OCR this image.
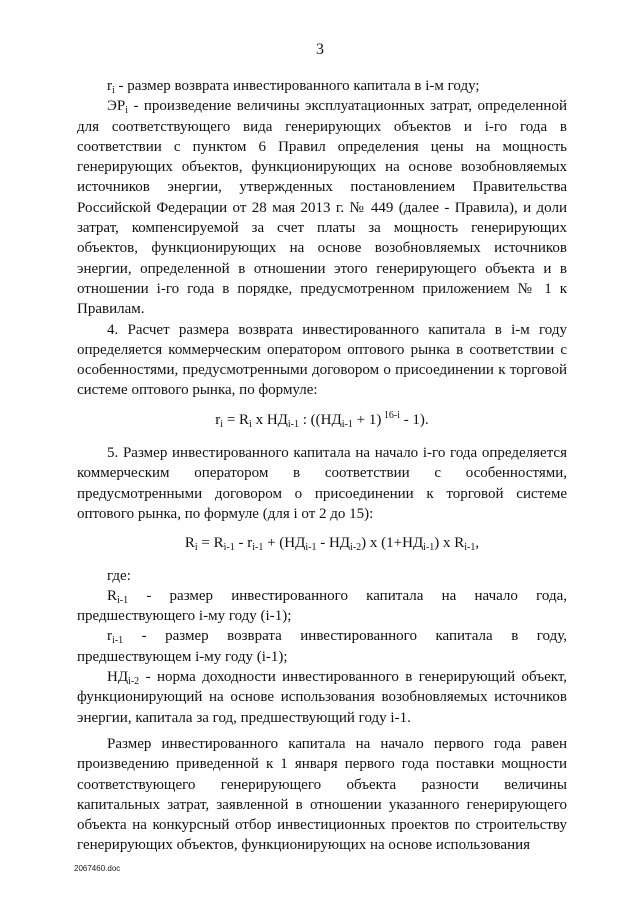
3

$r_i$ - размер возврата инвестированного капитала в i-м году;

$ЭР_i$ - произведение величины эксплуатационных затрат, определенной для соответствующего вида генерирующих объектов и i-го года в соответствии с пунктом 6 Правил определения цены на мощность генерирующих объектов, функционирующих на основе возобновляемых источников энергии, утвержденных постановлением Правительства Российской Федерации от 28 мая 2013 г. № 449 (далее - Правила), и доли затрат, компенсируемой за счет платы за мощность генерирующих объектов, функционирующих на основе возобновляемых источников энергии, определенной в отношении этого генерирующего объекта и в отношении i-го года в порядке, предусмотренном приложением № 1 к Правилам.

4. Расчет размера возврата инвестированного капитала в i-м году определяется коммерческим оператором оптового рынка в соответствии с особенностями, предусмотренными договором о присоединении к торговой системе оптового рынка, по формуле:

$r_i = R_i$ x $НД_{i-1}$ : ($(НД_{i-1} + 1)$ $^{16-i}$ - 1).

5. Размер инвестированного капитала на начало i-го года определяется коммерческим оператором в соответствии с особенностями, предусмотренными договором о присоединении к торговой системе оптового рынка, по формуле (для i от 2 до 15):

$R_i = R_{i-1} - r_{i-1} + (НД_{i-1} - НД_{i-2})$ x $(1+НД_{i-1})$ x $R_{i-1}$,

где:

$R_{i-1}$ - размер инвестированного капитала на начало года, предшествующего i-му году (i-1);

$r_{i-1}$ - размер возврата инвестированного капитала в году, предшествующем i-му году (i-1);

$НД_{i-2}$ - норма доходности инвестированного в генерирующий объект, функционирующий на основе использования возобновляемых источников энергии, капитала за год, предшествующий году i-1.

Размер инвестированного капитала на начало первого года равен произведению приведенной к 1 января первого года поставки мощности соответствующего генерирующего объекта разности величины капитальных затрат, заявленной в отношении указанного генерирующего объекта на конкурсный отбор инвестиционных проектов по строительству генерирующих объектов, функционирующих на основе использования

2067460.doc
